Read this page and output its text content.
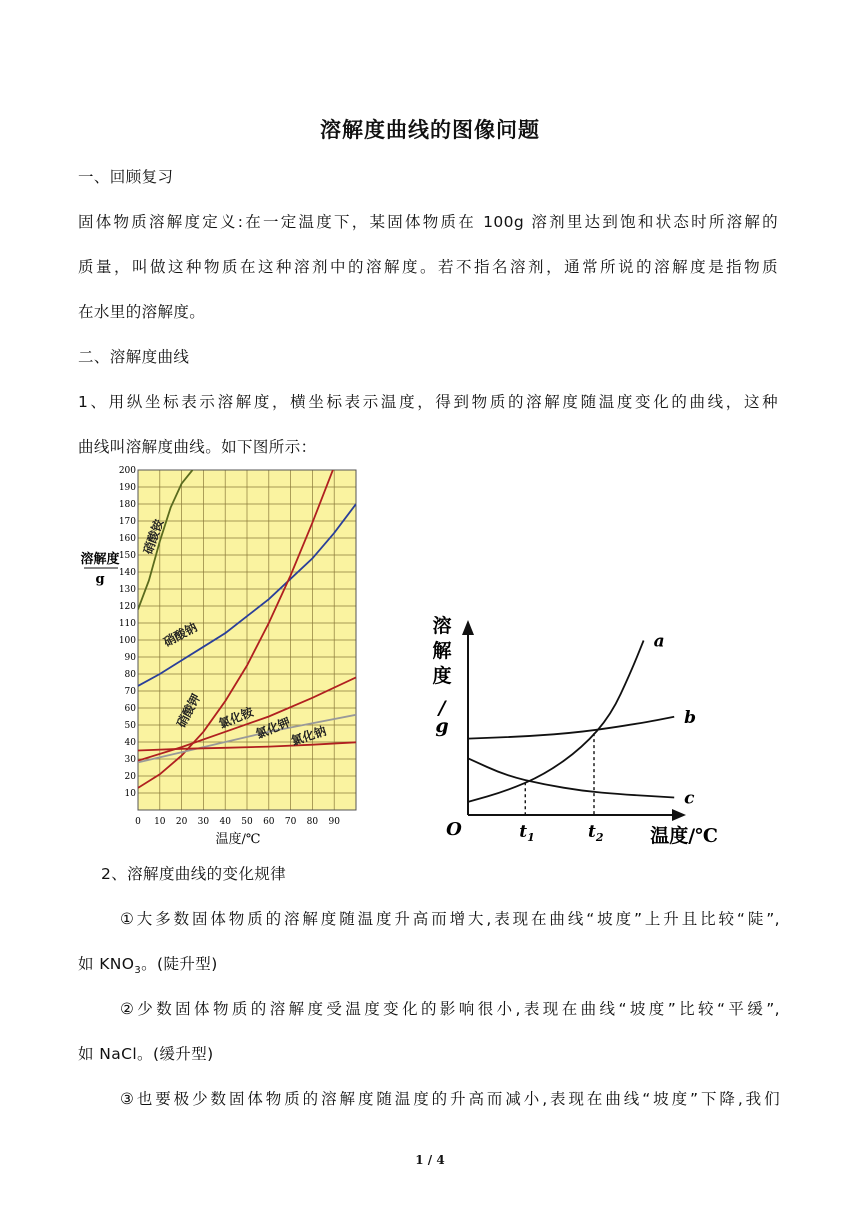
溶解度曲线的图像问题
一、回顾复习
固体物质溶解度定义:在一定温度下，某固体物质在 100g 溶剂里达到饱和状态时所溶解的
质量，叫做这种物质在这种溶剂中的溶解度。若不指名溶剂，通常所说的溶解度是指物质
在水里的溶解度。
二、溶解度曲线
1、用纵坐标表示溶解度，横坐标表示温度，得到物质的溶解度随温度变化的曲线，这种
曲线叫溶解度曲线。如下图所示：
10
20
30
40
50
60
70
80
90
100
110
120
130
140
150
160
170
180
190
200
0 10 20 30 40 50 60 70 80 90
溶解度
g
温度/℃
硝酸铵
硝酸钠
硝酸钾 氯化铵
氯化钾
氯化钠
O
溶解度/ g
温度/℃
a
b
c
$t_1$	$t_2$
2、溶解度曲线的变化规律
①大多数固体物质的溶解度随温度升高而增大,表现在曲线“坡度”上升且比较“陡”,
如 $KNO_3$。(陡升型)
②少数固体物质的溶解度受温度变化的影响很小,表现在曲线“坡度”比较“平缓”,
如 NaCl。(缓升型)
③也要极少数固体物质的溶解度随温度的升高而减小,表现在曲线“坡度”下降,我们
1 / 4
